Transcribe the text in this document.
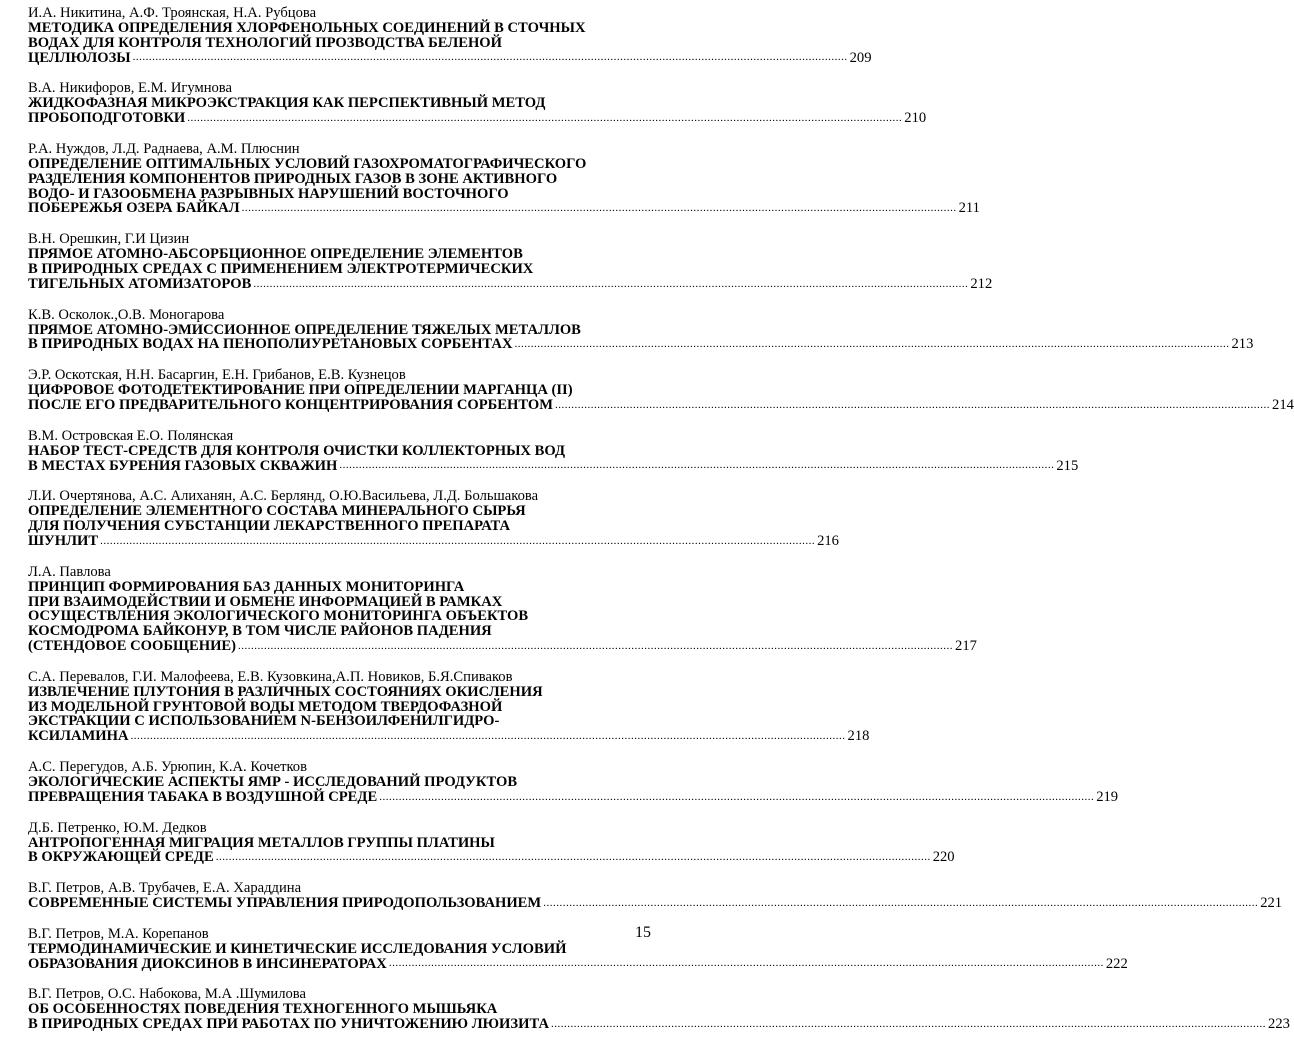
И.А. Никитина, А.Ф. Троянская, Н.А. Рубцова
МЕТОДИКА ОПРЕДЕЛЕНИЯ ХЛОРФЕНОЛЬНЫХ СОЕДИНЕНИЙ В СТОЧНЫХ
ВОДАХ ДЛЯ КОНТРОЛЯ ТЕХНОЛОГИЙ ПРОЗВОДСТВА БЕЛЕНОЙ
ЦЕЛЛЮЛОЗЫ ............................................................................................................................................................................................................................ 209
В.А. Никифоров, Е.М. Игумнова
ЖИДКОФАЗНАЯ МИКРОЭКСТРАКЦИЯ КАК ПЕРСПЕКТИВНЫЙ МЕТОД
ПРОБОПОДГОТОВКИ ............................................................................................................................................................................................................................ 210
Р.А. Нуждов, Л.Д. Раднаева, А.М. Плюснин
ОПРЕДЕЛЕНИЕ ОПТИМАЛЬНЫХ УСЛОВИЙ ГАЗОХРОМАТОГРАФИЧЕСКОГО
РАЗДЕЛЕНИЯ КОМПОНЕНТОВ ПРИРОДНЫХ ГАЗОВ В ЗОНЕ АКТИВНОГО
ВОДО- И ГАЗООБМЕНА РАЗРЫВНЫХ НАРУШЕНИЙ ВОСТОЧНОГО
ПОБЕРЕЖЬЯ ОЗЕРА БАЙКАЛ ............................................................................................................................................................................................................................ 211
В.Н. Орешкин, Г.И Цизин
ПРЯМОЕ АТОМНО-АБСОРБЦИОННОЕ ОПРЕДЕЛЕНИЕ ЭЛЕМЕНТОВ
В ПРИРОДНЫХ СРЕДАХ С ПРИМЕНЕНИЕМ ЭЛЕКТРОТЕРМИЧЕСКИХ
ТИГЕЛЬНЫХ АТОМИЗАТОРОВ ............................................................................................................................................................................................................................ 212
К.В. Осколок.,О.В. Моногарова
ПРЯМОЕ АТОМНО-ЭМИССИОННОЕ ОПРЕДЕЛЕНИЕ ТЯЖЕЛЫХ МЕТАЛЛОВ
В ПРИРОДНЫХ ВОДАХ НА ПЕНОПОЛИУРЕТАНОВЫХ СОРБЕНТАХ ............................................................................................................................................................................................................................ 213
Э.Р. Оскотская, Н.Н. Басаргин, Е.Н. Грибанов, Е.В. Кузнецов
ЦИФРОВОЕ ФОТОДЕТЕКТИРОВАНИЕ ПРИ ОПРЕДЕЛЕНИИ МАРГАНЦА (II)
ПОСЛЕ ЕГО ПРЕДВАРИТЕЛЬНОГО КОНЦЕНТРИРОВАНИЯ СОРБЕНТОМ ............................................................................................................................................................................................................................ 214
В.М. Островская Е.О. Полянская
НАБОР ТЕСТ-СРЕДСТВ ДЛЯ КОНТРОЛЯ ОЧИСТКИ КОЛЛЕКТОРНЫХ ВОД
В МЕСТАХ БУРЕНИЯ ГАЗОВЫХ СКВАЖИН ............................................................................................................................................................................................................................ 215
Л.И. Очертянова, А.С. Алиханян, А.С. Берлянд, О.Ю.Васильева, Л.Д. Большакова
ОПРЕДЕЛЕНИЕ ЭЛЕМЕНТНОГО СОСТАВА МИНЕРАЛЬНОГО СЫРЬЯ
ДЛЯ ПОЛУЧЕНИЯ СУБСТАНЦИИ ЛЕКАРСТВЕННОГО ПРЕПАРАТА
ШУНЛИТ ............................................................................................................................................................................................................................ 216
Л.А. Павлова
ПРИНЦИП ФОРМИРОВАНИЯ БАЗ ДАННЫХ МОНИТОРИНГА
ПРИ ВЗАИМОДЕЙСТВИИ И ОБМЕНЕ ИНФОРМАЦИЕЙ В РАМКАХ
ОСУЩЕСТВЛЕНИЯ ЭКОЛОГИЧЕСКОГО МОНИТОРИНГА ОБЪЕКТОВ
КОСМОДРОМА БАЙКОНУР, В ТОМ ЧИСЛЕ РАЙОНОВ ПАДЕНИЯ
(СТЕНДОВОЕ СООБЩЕНИЕ) ............................................................................................................................................................................................................................ 217
С.А. Перевалов, Г.И. Малофеева, Е.В. Кузовкина,А.П. Новиков, Б.Я.Спиваков
ИЗВЛЕЧЕНИЕ ПЛУТОНИЯ В РАЗЛИЧНЫХ СОСТОЯНИЯХ ОКИСЛЕНИЯ
ИЗ МОДЕЛЬНОЙ ГРУНТОВОЙ ВОДЫ МЕТОДОМ ТВЕРДОФАЗНОЙ
ЭКСТРАКЦИИ С ИСПОЛЬЗОВАНИЕМ N-БЕНЗОИЛФЕНИЛГИДРО-
КСИЛАМИНА ............................................................................................................................................................................................................................ 218
А.С. Перегудов, А.Б. Урюпин, К.А. Кочетков
ЭКОЛОГИЧЕСКИЕ АСПЕКТЫ ЯМР - ИССЛЕДОВАНИЙ ПРОДУКТОВ
ПРЕВРАЩЕНИЯ ТАБАКА В ВОЗДУШНОЙ СРЕДЕ ............................................................................................................................................................................................................................ 219
Д.Б. Петренко, Ю.М. Дедков
АНТРОПОГЕННАЯ МИГРАЦИЯ МЕТАЛЛОВ ГРУППЫ ПЛАТИНЫ
В ОКРУЖАЮЩЕЙ СРЕДЕ ............................................................................................................................................................................................................................ 220
В.Г. Петров, А.В. Трубачев, Е.А. Хараддина
СОВРЕМЕННЫЕ СИСТЕМЫ УПРАВЛЕНИЯ ПРИРОДОПОЛЬЗОВАНИЕМ ............................................................................................................................................................................................................................ 221
В.Г. Петров, М.А. Корепанов
ТЕРМОДИНАМИЧЕСКИЕ И КИНЕТИЧЕСКИЕ ИССЛЕДОВАНИЯ УСЛОВИЙ
ОБРАЗОВАНИЯ ДИОКСИНОВ В ИНСИНЕРАТОРАХ ............................................................................................................................................................................................................................ 222
В.Г. Петров, О.С. Набокова, М.А .Шумилова
ОБ ОСОБЕННОСТЯХ ПОВЕДЕНИЯ ТЕХНОГЕННОГО МЫШЬЯКА
В ПРИРОДНЫХ СРЕДАХ ПРИ РАБОТАХ ПО УНИЧТОЖЕНИЮ ЛЮИЗИТА ............................................................................................................................................................................................................................ 223
15
